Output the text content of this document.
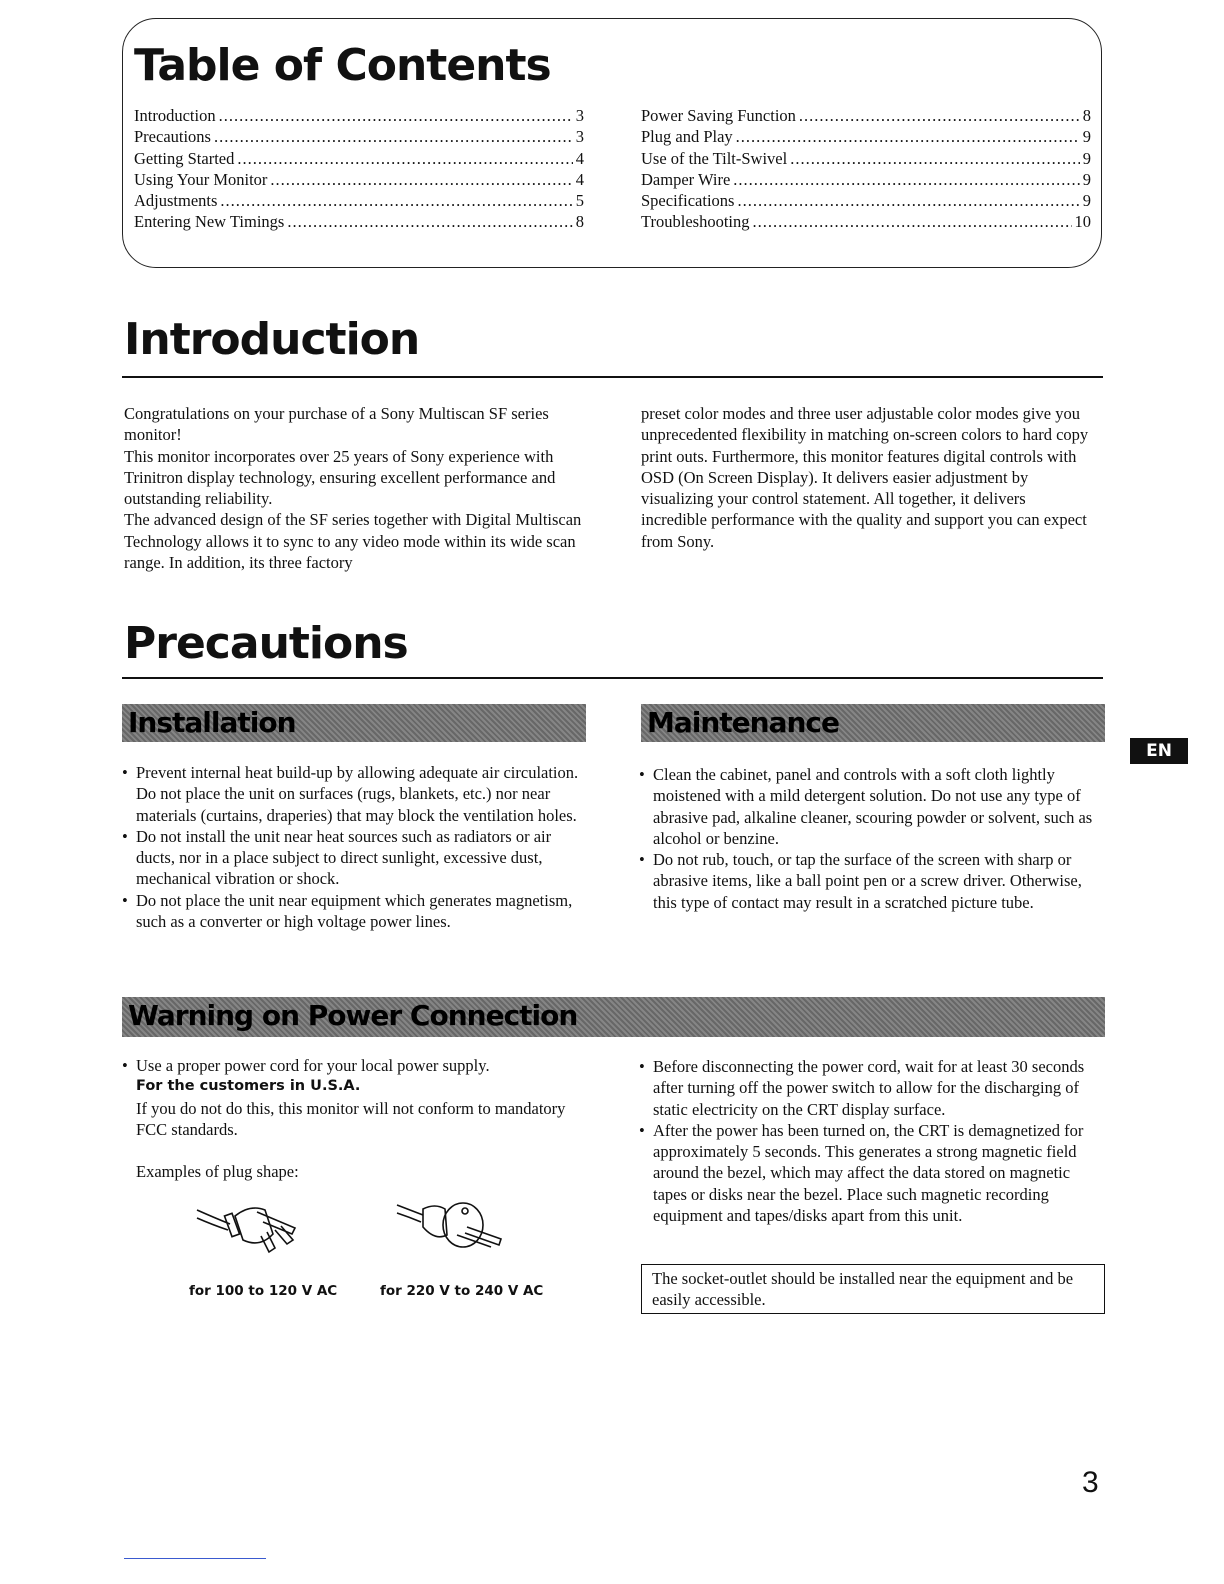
Table of Contents
Introduction .....	3
Precautions .....	3
Getting Started .....	4
Using Your Monitor .....	4
Adjustments .....	5
Entering New Timings .....	8
Power Saving Function .....	8
Plug and Play .....	9
Use of the Tilt-Swivel .....	9
Damper Wire .....	9
Specifications .....	9
Troubleshooting .....	10
Introduction
Congratulations on your purchase of a Sony Multiscan SF series monitor!
This monitor incorporates over 25 years of Sony experience with Trinitron display technology, ensuring excellent performance and outstanding reliability.
The advanced design of the SF series together with Digital Multiscan Technology allows it to sync to any video mode within its wide scan range. In addition, its three factory
preset color modes and three user adjustable color modes give you unprecedented flexibility in matching on-screen colors to hard copy print outs. Furthermore, this monitor features digital controls with OSD (On Screen Display). It delivers easier adjustment by visualizing your control statement. All together, it delivers incredible performance with the quality and support you can expect from Sony.
Precautions
Installation	Maintenance
• Prevent internal heat build-up by allowing adequate air circulation. Do not place the unit on surfaces (rugs, blankets, etc.) nor near materials (curtains, draperies) that may block the ventilation holes.
• Do not install the unit near heat sources such as radiators or air ducts, nor in a place subject to direct sunlight, excessive dust, mechanical vibration or shock.
• Do not place the unit near equipment which generates magnetism, such as a converter or high voltage power lines.
• Clean the cabinet, panel and controls with a soft cloth lightly moistened with a mild detergent solution. Do not use any type of abrasive pad, alkaline cleaner, scouring powder or solvent, such as alcohol or benzine.
• Do not rub, touch, or tap the surface of the screen with sharp or abrasive items, like a ball point pen or a screw driver. Otherwise, this type of contact may result in a scratched picture tube.
Warning on Power Connection
• Use a proper power cord for your local power supply.
For the customers in U.S.A.
If you do not do this, this monitor will not conform to mandatory FCC standards.
Examples of plug shape:
for 100 to 120 V AC	for 220 V to 240 V AC
• Before disconnecting the power cord, wait for at least 30 seconds after turning off the power switch to allow for the discharging of static electricity on the CRT display surface.
• After the power has been turned on, the CRT is demagnetized for approximately 5 seconds. This generates a strong magnetic field around the bezel, which may affect the data stored on magnetic tapes or disks near the bezel. Place such magnetic recording equipment and tapes/disks apart from this unit.
The socket-outlet should be installed near the equipment and be easily accessible.
EN
3
